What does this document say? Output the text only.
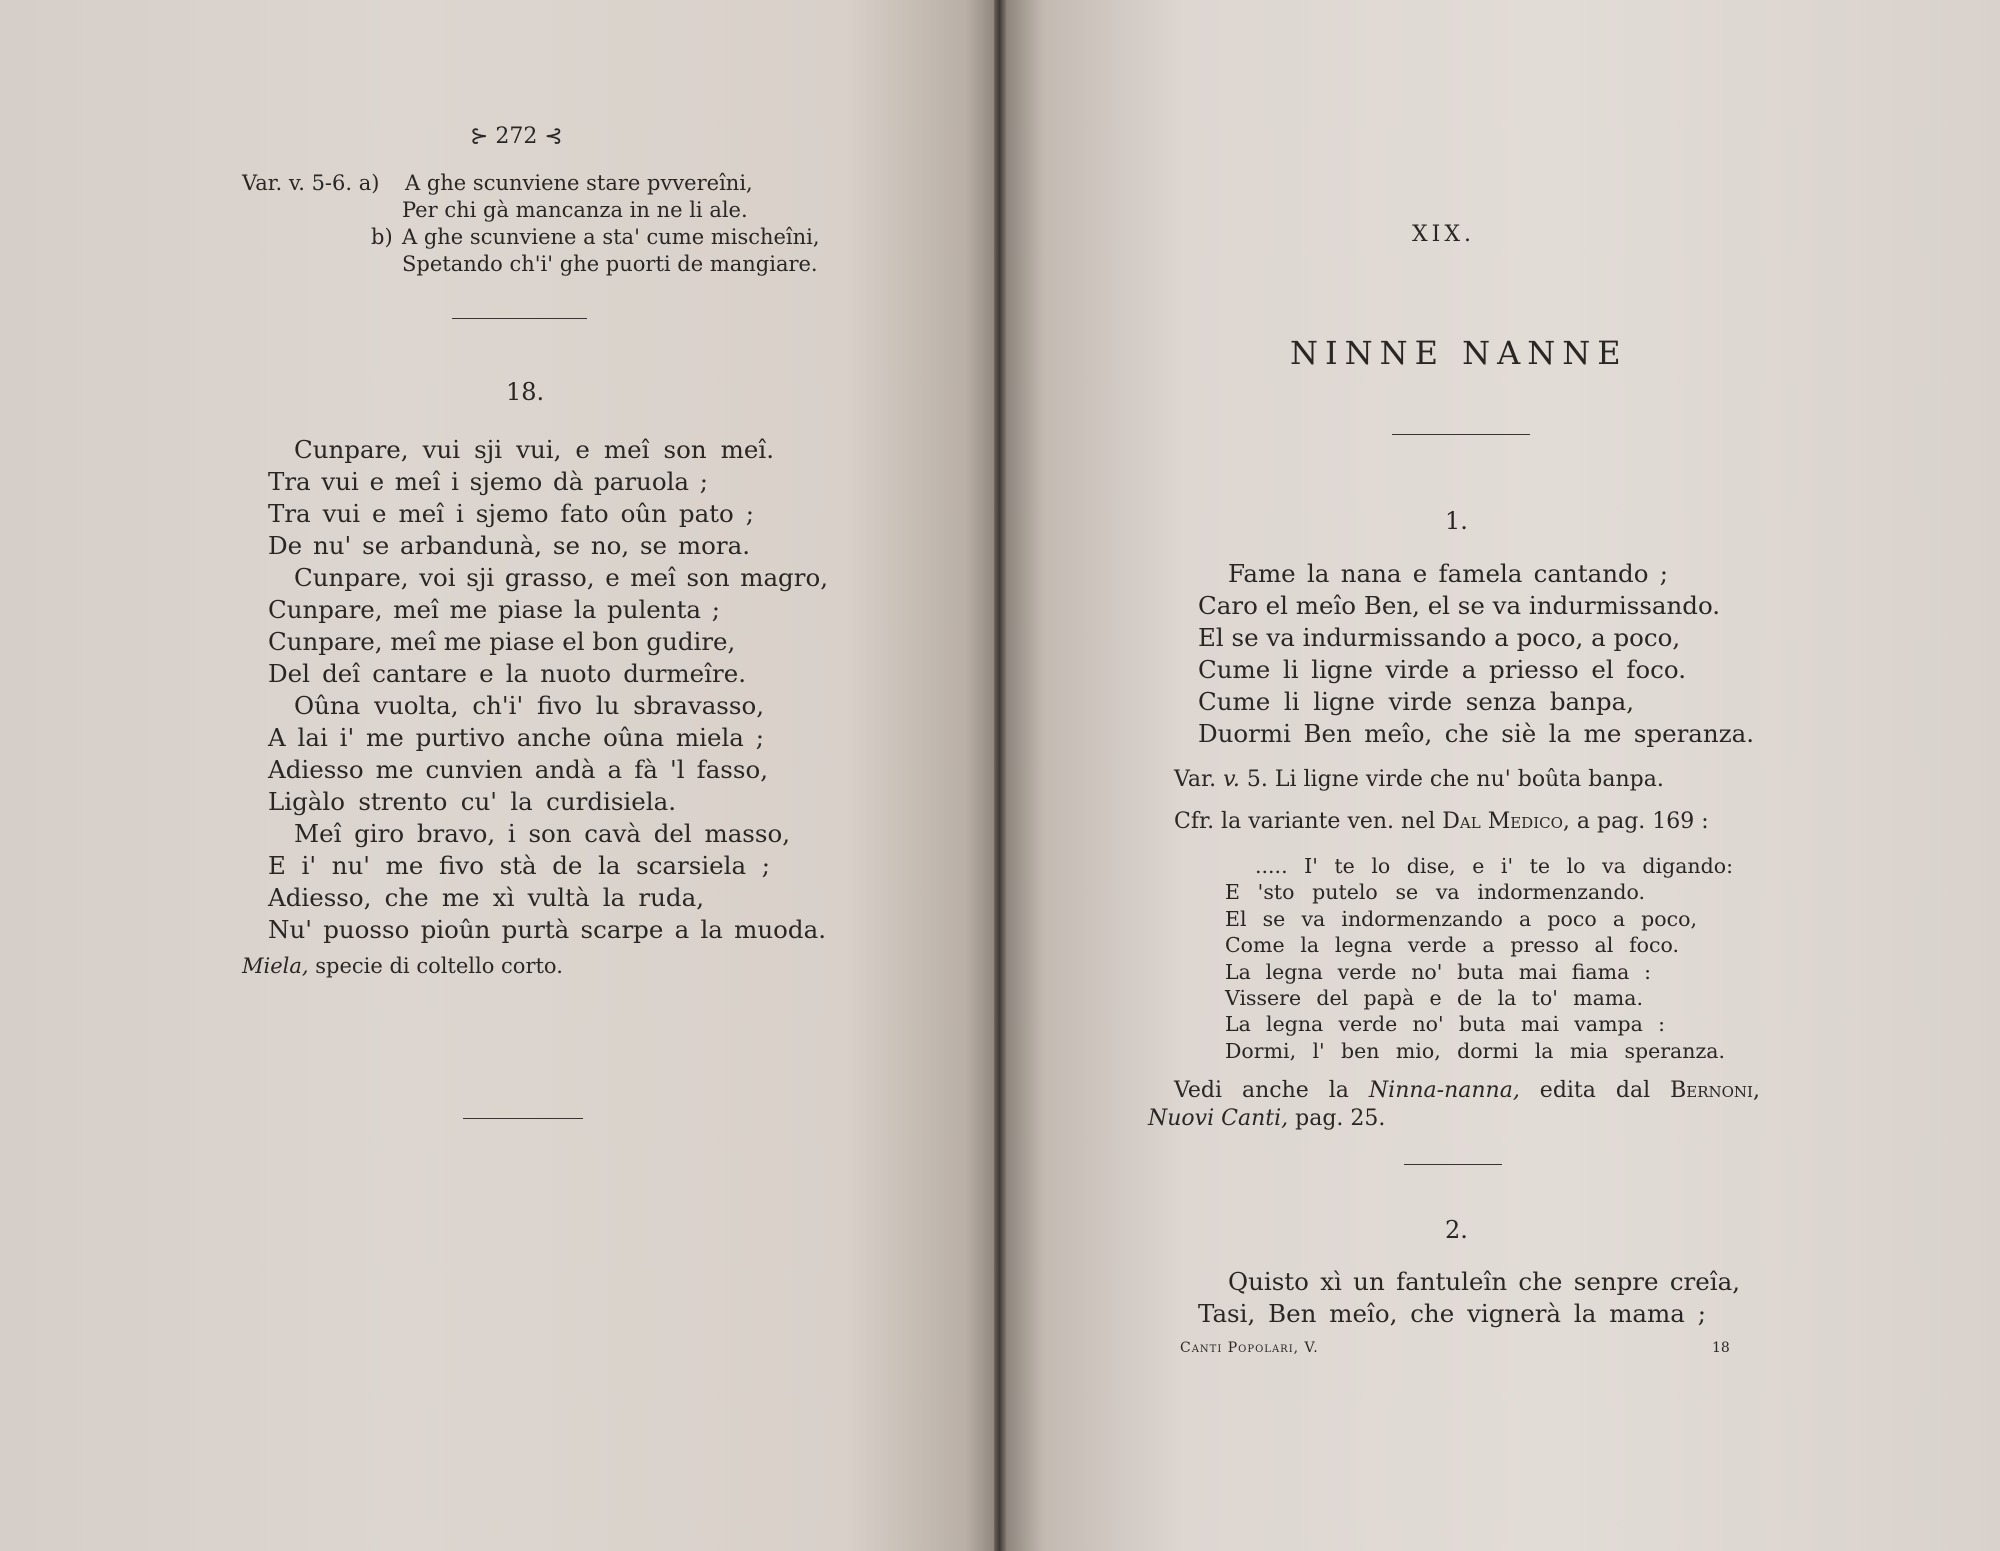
⊱ 272 ⊰
Var. v. 5-6. a) A ghe scunviene stare pvvereîni,
Per chi gà mancanza in ne li ale.
b) A ghe scunviene a sta' cume mischeîni,
Spetando ch'i' ghe puorti de mangiare.
18.
Cunpare, vui sji vui, e meî son meî.
Tra vui e meî i sjemo dà paruola ;
Tra vui e meî i sjemo fato oûn pato ;
De nu' se arbandunà, se no, se mora.
Cunpare, voi sji grasso, e meî son magro,
Cunpare, meî me piase la pulenta ;
Cunpare, meî me piase el bon gudire,
Del deî cantare e la nuoto durmeîre.
Oûna vuolta, ch'i' fivo lu sbravasso,
A lai i' me purtivo anche oûna miela ;
Adiesso me cunvien andà a fà 'l fasso,
Ligàlo strento cu' la curdisiela.
Meî giro bravo, i son cavà del masso,
E i' nu' me fivo stà de la scarsiela ;
Adiesso, che me xì vultà la ruda,
Nu' puosso pioûn purtà scarpe a la muoda.
Miela, specie di coltello corto.
XIX.
NINNE NANNE
1.
Fame la nana e famela cantando ;
Caro el meîo Ben, el se va indurmissando.
El se va indurmissando a poco, a poco,
Cume li ligne virde a priesso el foco.
Cume li ligne virde senza banpa,
Duormi Ben meîo, che siè la me speranza.
Var. v. 5. Li ligne virde che nu' boûta banpa.
Cfr. la variante ven. nel Dal Medico, a pag. 169 :
..... I' te lo dise, e i' te lo va digando:
E 'sto putelo se va indormenzando.
El se va indormenzando a poco a poco,
Come la legna verde a presso al foco.
La legna verde no' buta mai fiama :
Vissere del papà e de la to' mama.
La legna verde no' buta mai vampa :
Dormi, l' ben mio, dormi la mia speranza.
Vedi anche la Ninna-nanna, edita dal Bernoni,
Nuovi Canti, pag. 25.
2.
Quisto xì un fantuleîn che senpre creîa,
Tasi, Ben meîo, che vignerà la mama ;
Canti Popolari, V.	18
